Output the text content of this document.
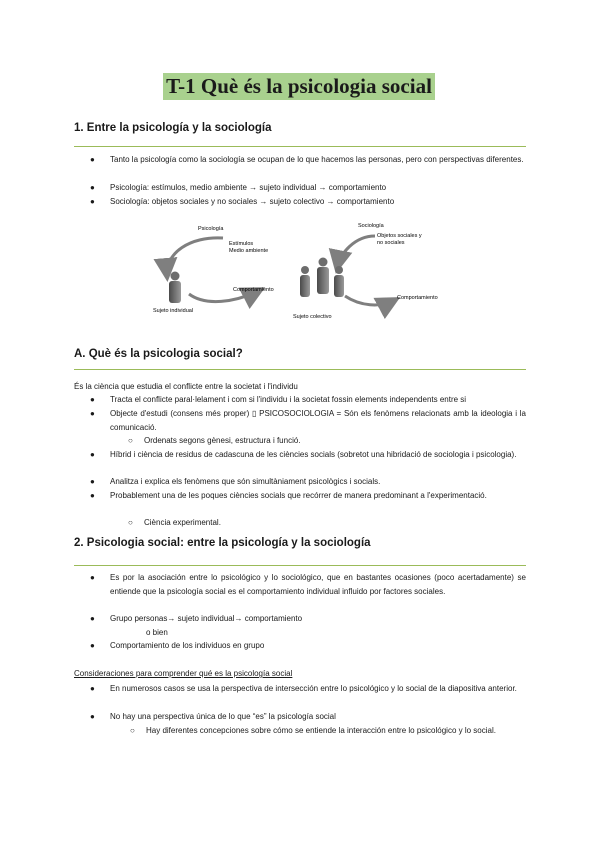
T-1 Què és la psicologia social
1. Entre la psicología y la sociología
● Tanto la psicología como la sociología se ocupan de lo que hacemos las personas, pero con perspectivas diferentes.
● Psicología: estímulos, medio ambiente → sujeto individual → comportamiento
● Sociología: objetos sociales y no sociales → sujeto colectivo → comportamiento
Psicología
Estímulos
Medio ambiente
Comportamiento
Sujeto individual
Sociología
Objetos sociales y
no sociales
Comportamiento
Sujeto colectivo
A. Què és la psicologia social?
És la ciència que estudia el conflicte entre la societat i l'individu
● Tracta el conflicte paral·lelament i com si l'individu i la societat fossin elements independents entre si
● Objecte d'estudi (consens més proper) ▯ PSICOSOCIOLOGIA = Són els fenòmens relacionats amb la ideologia i la comunicació.
○ Ordenats segons gènesi, estructura i funció.
● Híbrid i ciència de residus de cadascuna de les ciències socials (sobretot una hibridació de sociologia i psicologia).
● Analitza i explica els fenòmens que són simultàniament psicològics i socials.
● Probablement una de les poques ciències socials que recórrer de manera predominant a l'experimentació.
○ Ciència experimental.
2. Psicologia social: entre la psicología y la sociología
● Es por la asociación entre lo psicológico y lo sociológico, que en bastantes ocasiones (poco acertadamente) se entiende que la psicología social es el comportamiento individual influido por factores sociales.
● Grupo personas→ sujeto individual→ comportamiento
o bien
● Comportamiento de los individuos en grupo
Consideraciones para comprender qué es la psicología social
● En numerosos casos se usa la perspectiva de intersección entre lo psicológico y lo social de la diapositiva anterior.
● No hay una perspectiva única de lo que “es” la psicología social
○ Hay diferentes concepciones sobre cómo se entiende la interacción entre lo psicológico y lo social.
